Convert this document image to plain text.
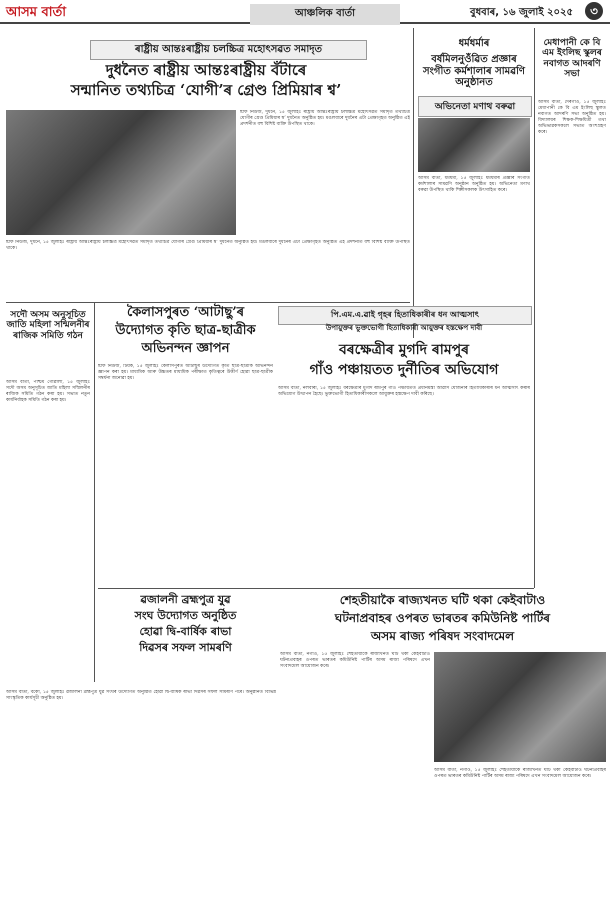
আসম বার্তা	আঞ্চলিক বাৰ্তা	বুধবাৰ, ১৬ জুলাই ২০২৫	৩
ৰাষ্ট্ৰীয় আন্তঃৰাষ্ট্ৰীয় চলচ্চিত্ৰ মহোৎসৱত সমাদৃত
দুধনৈত ৰাষ্ট্ৰীয় আন্তঃৰাষ্ট্ৰীয় বঁটাৰে
সন্মানিত তথ্যচিত্ৰ ‘যোগী’ৰ গ্ৰেণ্ড প্ৰিমিয়াৰ শ্ব’
ষ্টাফ নিউজ, দুধনৈ, ১৫ জুলাইঃ ৰাষ্ট্ৰীয় আন্তঃৰাষ্ট্ৰীয় চলচ্চিত্ৰ মহোৎসৱত সমাদৃত তথ্যচিত্ৰ যোগীৰ গ্ৰেণ্ড প্ৰিমিয়াৰ শ্ব’ দুধনৈত অনুষ্ঠিত হয়। মঙলবাৰে দুধনৈৰ এটা প্ৰেক্ষাগৃহত অনুষ্ঠিত এই প্ৰদৰ্শনীত বহু বিশিষ্ট ব্যক্তি উপস্থিত থাকে।
ষ্টাফ নিউজ, দুধনৈ, ১৫ জুলাইঃ ৰাষ্ট্ৰীয় আন্তঃৰাষ্ট্ৰীয় চলচ্চিত্ৰ মহোৎসৱত সমাদৃত তথ্যচিত্ৰ যোগীৰ গ্ৰেণ্ড প্ৰিমিয়াৰ শ্ব’ দুধনৈত অনুষ্ঠিত হয়। মঙলবাৰে দুধনৈৰ এটা প্ৰেক্ষাগৃহত অনুষ্ঠিত এই প্ৰদৰ্শনীত বহু বিশিষ্ট ব্যক্তি উপস্থিত থাকে।
ধৰ্মধৰ্মাৰ
বৰ্ষমিলনুওঁৱিত প্ৰজ্ঞাৰ সংগীত কৰ্মশালাৰ সামৱণি অনুষ্ঠানত
অভিনেতা মণাথ বৰুৱা
আসম বাৰ্তা, ধৰ্মধৰ্মা, ১৫ জুলাইঃ ধৰ্মধৰ্মাৰ প্ৰজ্ঞাৰ সংগীত কৰ্মশালাৰ সামৱণি অনুষ্ঠান অনুষ্ঠিত হয়। অভিনেতা মণাথ বৰুৱা উপস্থিত থাকি শিল্পীসকলক উৎসাহিত কৰে।
মেধাপানী কে বি এম ইংলিছ স্কুলৰ নবাগত আদৰণি সভা
আসম বাৰ্তা, দেৰগাওঁ, ১৫ জুলাইঃ মেধাপানী কে বি এম ইংলিছ স্কুলত নবাগত আদৰণি সভা অনুষ্ঠিত হয়। বিদ্যালয়ৰ শিক্ষক-শিক্ষয়িত্ৰী তথা অভিভাৱকসকলে সভাত অংশগ্ৰহণ কৰে।
সদৌ অসম অনুসূচিত জাতি মহিলা সন্মিলনীৰ ৰাজিক সমিতি গঠন
আসম বাৰ্তা, পশ্চিম গোৱালী, ১৫ জুলাইঃ সদৌ অসম অনুসূচিত জাতি মহিলা সন্মিলনীৰ ৰাজিক সমিতি গঠন কৰা হয়। সভাত নতুন কাৰ্যনিৰ্বাহক সমিতি গঠন কৰা হয়।
কৈলাসপুৰত ‘আটাছু’ৰ
উদ্যোগত কৃতি ছাত্ৰ-ছাত্ৰীক
অভিনন্দন জ্ঞাপন
ষ্টাফ নিউজ, টিয়ক, ১৫ জুলাইঃ কৈলাসপুৰত আটাছুৰ উদ্যোগত কৃতি ছাত্ৰ-ছাত্ৰীক অভিনন্দন জ্ঞাপন কৰা হয়। মাধ্যমিক আৰু উচ্চতৰ মাধ্যমিক পৰীক্ষাত কৃতিত্বৰে উত্তীৰ্ণ হোৱা ছাত্ৰ-ছাত্ৰীক সম্বৰ্ধনা জনোৱা হয়।
পি.এম.এ.ৱাই গৃহৰ হিতাধিকাৰীৰ ধন আত্মসাৎ
উপায়ুক্তৰ ভুক্তভোগী হিতাধিকাৰী আয়ুক্তৰ হস্তক্ষেপ দাবী
বৰক্ষেত্ৰীৰ মুগদি ৰামপুৰ
গাঁও পঞ্চায়তত দুৰ্নীতিৰ অভিযোগ
আসম বাৰ্তা, নলবাৰী, ১৫ জুলাইঃ বৰক্ষেত্ৰীৰ মুগদি ৰামপুৰ গাঁও পঞ্চায়তত প্ৰধানমন্ত্ৰী আৱাস যোজনাৰ হিতাধিকাৰীৰ ধন আত্মসাৎ কৰাৰ অভিযোগ উত্থাপন হৈছে। ভুক্তভোগী হিতাধিকাৰীসকলে আয়ুক্তৰ হস্তক্ষেপ দাবী কৰিছে।
ৱজালনী ব্ৰহ্মপুত্ৰ যুৱ
সংঘ উদ্যোগত অনুষ্ঠিত
হোৱা দ্বি-বাৰ্ষিক ৰাভা
দিৱসৰ সফল সামৰণি
আসম বাৰ্তা, বকো, ১৫ জুলাইঃ ৱজালনী ব্ৰহ্মপুত্ৰ যুৱ সংঘৰ উদ্যোগত অনুষ্ঠিত হোৱা দ্বি-বাৰ্ষিক ৰাভা দিৱসৰ সফল সামৰণি পৰে। অনুষ্ঠানত বিভিন্ন সাংস্কৃতিক কাৰ্যসূচী অনুষ্ঠিত হয়।
শেহতীয়াকৈ ৰাজ্যখনত ঘটি থকা কেইবাটাও
ঘটনাপ্ৰবাহৰ ওপৰত ভাৰতৰ কমিউনিষ্ট পাৰ্টিৰ
অসম ৰাজ্য পৰিষদ সংবাদমেল
আসম বাৰ্তা, নগাঁও, ১৫ জুলাইঃ শেহতীয়াকৈ ৰাজ্যখনত ঘটি থকা কেইবাটাও ঘটনাপ্ৰবাহৰ ওপৰত ভাৰতৰ কমিউনিষ্ট পাৰ্টিৰ অসম ৰাজ্য পৰিষদে এখন সংবাদমেল আয়োজন কৰে।
আসম বাৰ্তা, নগাঁও, ১৫ জুলাইঃ শেহতীয়াকৈ ৰাজ্যখনত ঘটি থকা কেইবাটাও ঘটনাপ্ৰবাহৰ ওপৰত ভাৰতৰ কমিউনিষ্ট পাৰ্টিৰ অসম ৰাজ্য পৰিষদে এখন সংবাদমেল আয়োজন কৰে।
